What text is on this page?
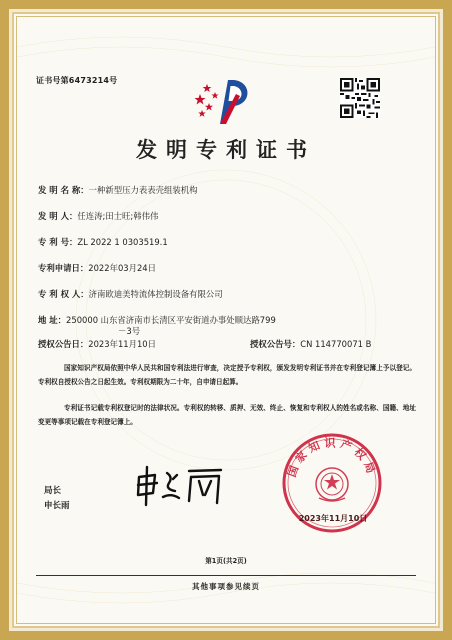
证书号第6473214号
发明专利证书
发 明 名 称：一种新型压力表表壳组装机构
发 明 人：任连涛;田士旺;韩伟伟
专 利 号：ZL 2022 1 0303519.1
专利申请日：2022年03月24日
专 利 权 人：济南欧迪美特流体控制设备有限公司
地 址：250000 山东省济南市长清区平安街道办事处顺达路799
－3号
授权公告日：2023年11月10日	授权公告号：CN 114770071 B
国家知识产权局依照中华人民共和国专利法进行审查，决定授予专利权，颁发发明专利证书并在专利登记簿上予以登记。专利权自授权公告之日起生效。专利权期限为二十年，自申请日起算。
专利证书记载专利权登记时的法律状况。专利权的转移、质押、无效、终止、恢复和专利权人的姓名或名称、国籍、地址变更等事项记载在专利登记簿上。
局长
申长雨
国家知识产权局
2023年11月10日
第1页(共2页)
其他事项参见续页
